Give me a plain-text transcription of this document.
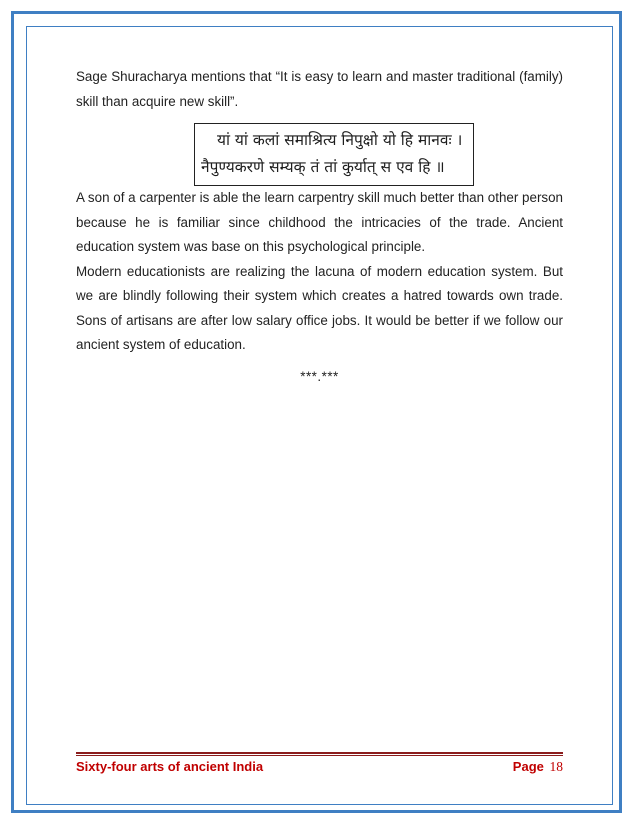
Sage Shuracharya mentions that “It is easy to learn and master traditional (family) skill than acquire new skill”.

यां यां कलां समाश्रित्य निपुक्षो यो हि मानवः ।
नैपुण्यकरणे सम्यक् तं तां कुर्यात् स एव हि ॥

A son of a carpenter is able the learn carpentry skill much better than other person because he is familiar since childhood the intricacies of the trade. Ancient education system was base on this psychological principle.

Modern educationists are realizing the lacuna of modern education system. But we are blindly following their system which creates a hatred towards own trade. Sons of artisans are after low salary office jobs. It would be better if we follow our ancient system of education.

***.***
Sixty-four arts of ancient India	Page 18
